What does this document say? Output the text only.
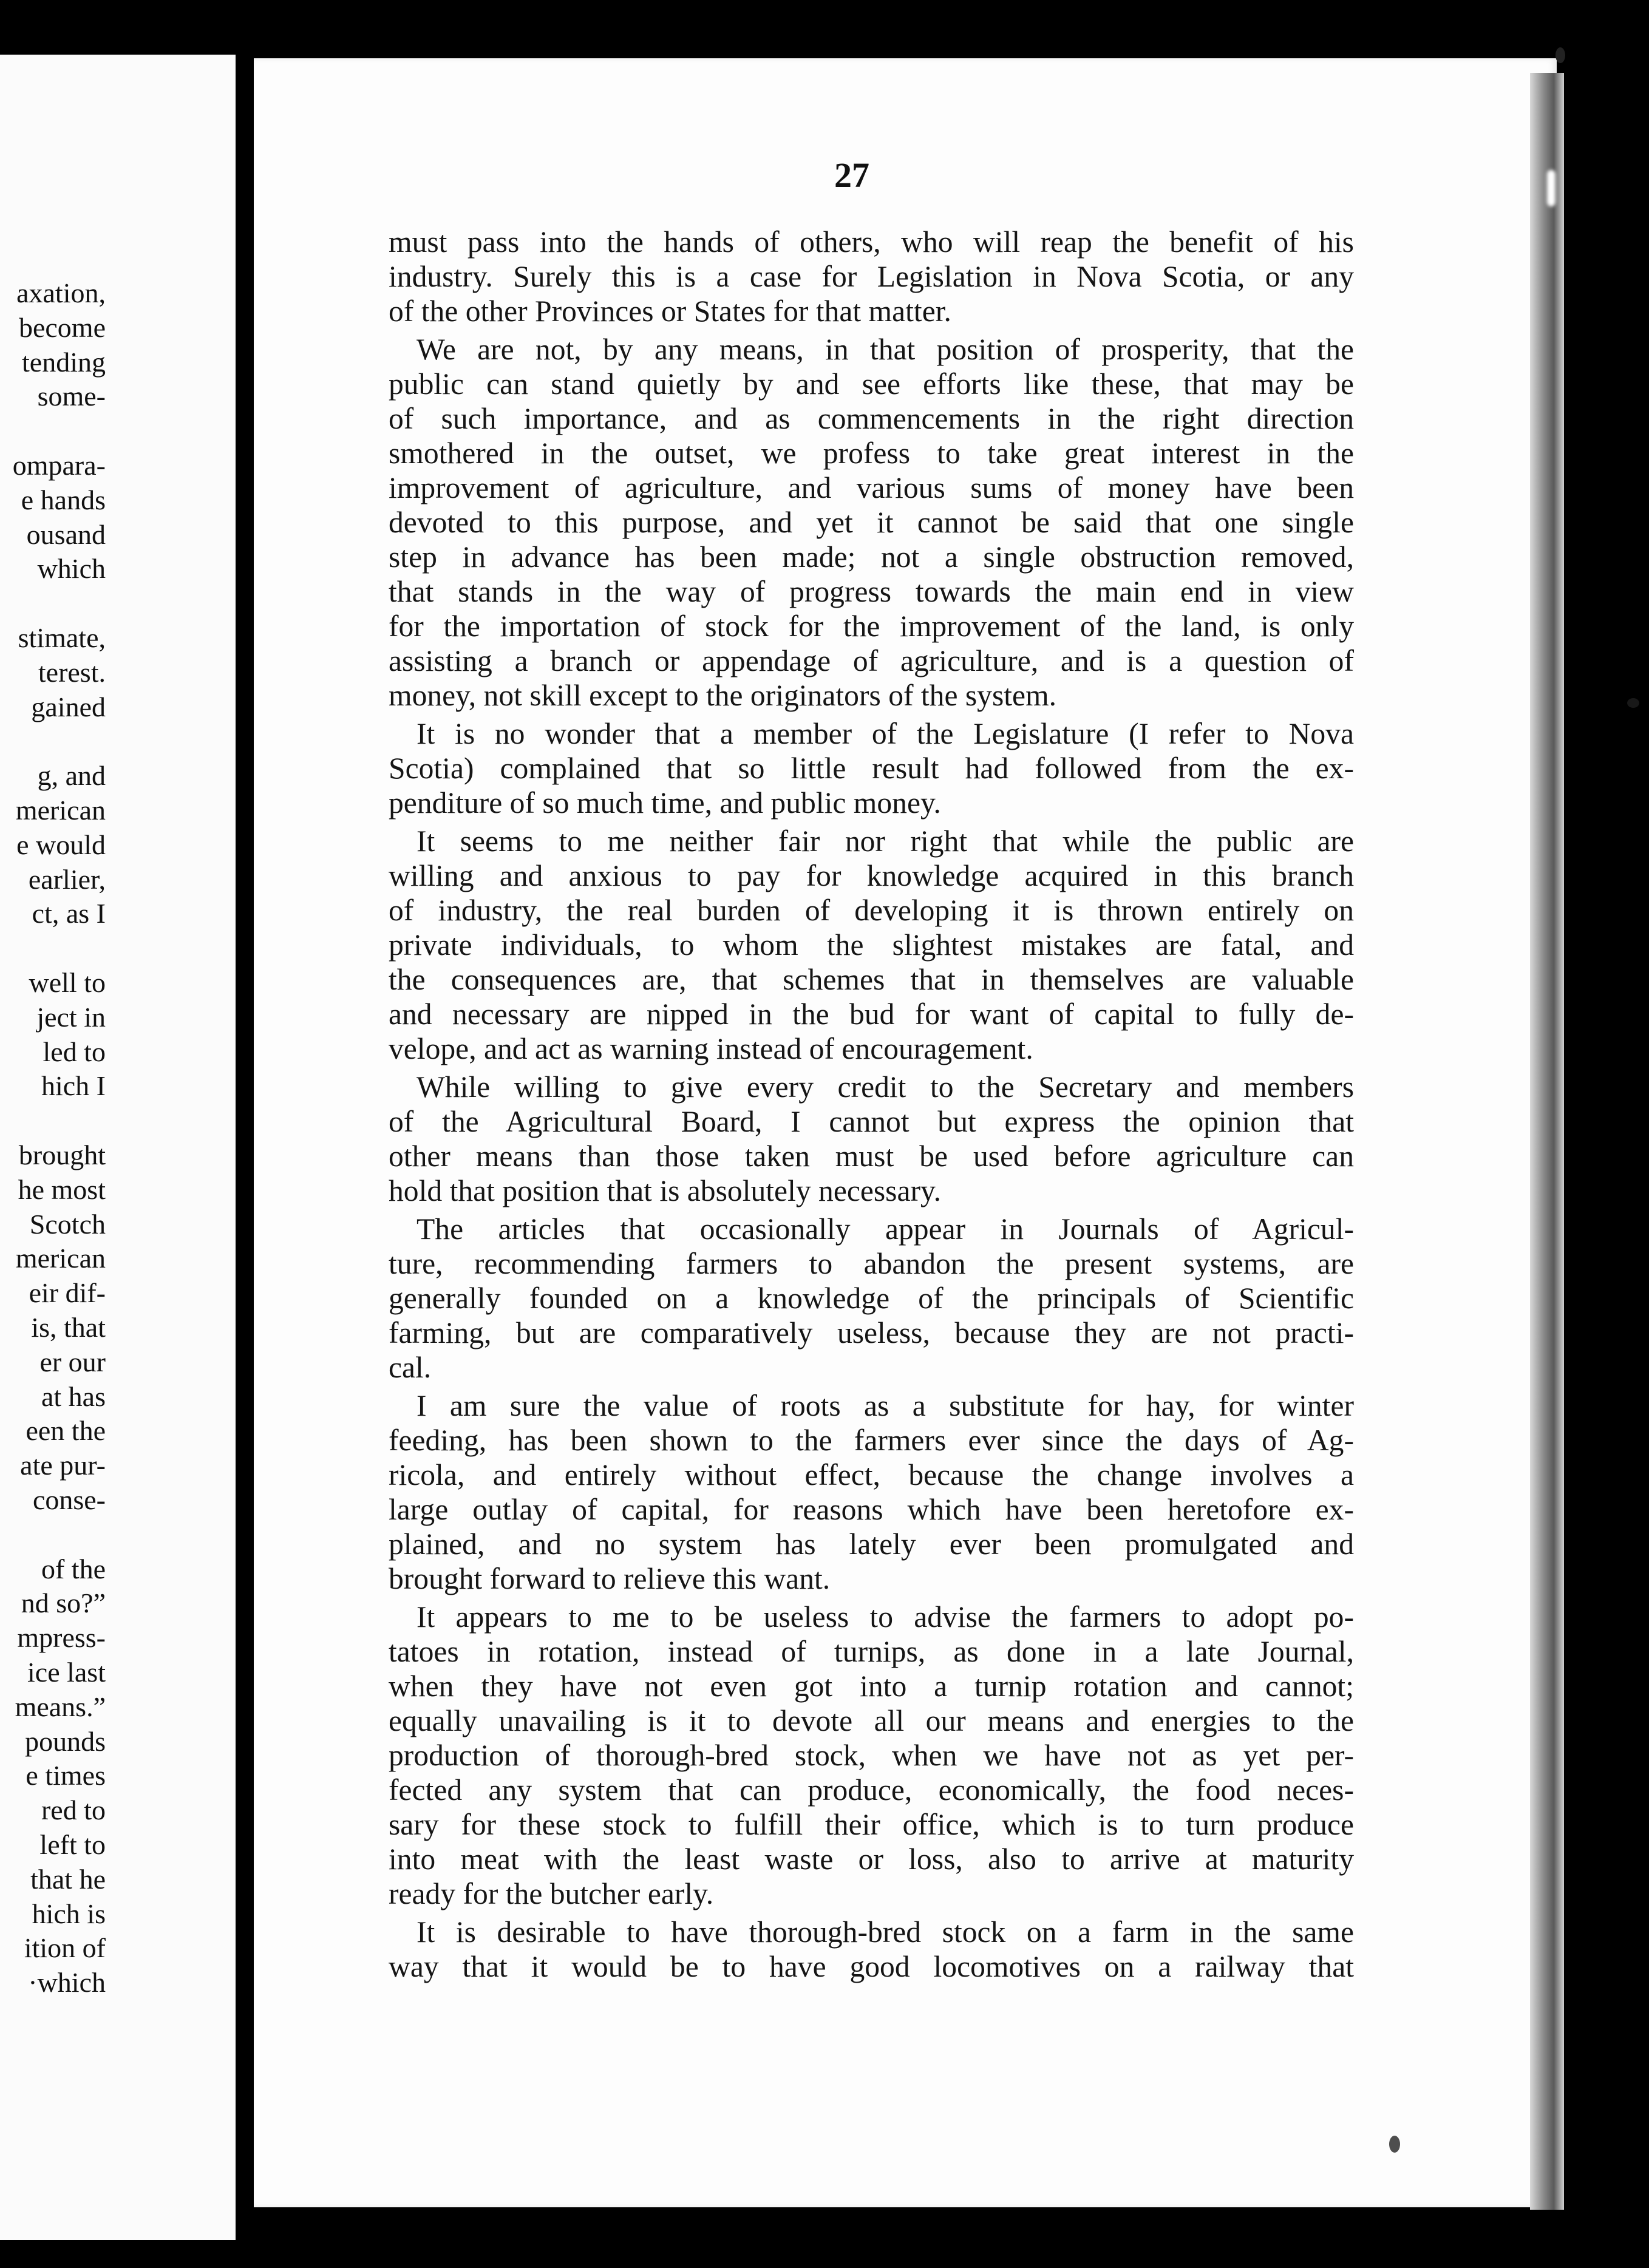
axation,
become
tending
some-
ompara-
e hands
ousand
which
stimate,
terest.
gained
g, and
merican
e would
earlier,
ct, as I
well to
ject in
led to
hich I
brought
he most
Scotch
merican
eir dif-
is, that
er our
at has
een the
ate pur-
conse-
of the
nd so?”
mpress-
ice last
means.”
pounds
e times
red to
left to
that he
hich is
ition of
·which
27
must pass into the hands of others, who will reap the benefit of his
industry. Surely this is a case for Legislation in Nova Scotia, or any
of the other Provinces or States for that matter.
We are not, by any means, in that position of prosperity, that the
public can stand quietly by and see efforts like these, that may be
of such importance, and as commencements in the right direction
smothered in the outset, we profess to take great interest in the
improvement of agriculture, and various sums of money have been
devoted to this purpose, and yet it cannot be said that one single
step in advance has been made; not a single obstruction removed,
that stands in the way of progress towards the main end in view
for the importation of stock for the improvement of the land, is only
assisting a branch or appendage of agriculture, and is a question of
money, not skill except to the originators of the system.
It is no wonder that a member of the Legislature (I refer to Nova
Scotia) complained that so little result had followed from the ex-
penditure of so much time, and public money.
It seems to me neither fair nor right that while the public are
willing and anxious to pay for knowledge acquired in this branch
of industry, the real burden of developing it is thrown entirely on
private individuals, to whom the slightest mistakes are fatal, and
the consequences are, that schemes that in themselves are valuable
and necessary are nipped in the bud for want of capital to fully de-
velope, and act as warning instead of encouragement.
While willing to give every credit to the Secretary and members
of the Agricultural Board, I cannot but express the opinion that
other means than those taken must be used before agriculture can
hold that position that is absolutely necessary.
The articles that occasionally appear in Journals of Agricul-
ture, recommending farmers to abandon the present systems, are
generally founded on a knowledge of the principals of Scientific
farming, but are comparatively useless, because they are not practi-
cal.
I am sure the value of roots as a substitute for hay, for winter
feeding, has been shown to the farmers ever since the days of Ag-
ricola, and entirely without effect, because the change involves a
large outlay of capital, for reasons which have been heretofore ex-
plained, and no system has lately ever been promulgated and
brought forward to relieve this want.
It appears to me to be useless to advise the farmers to adopt po-
tatoes in rotation, instead of turnips, as done in a late Journal,
when they have not even got into a turnip rotation and cannot;
equally unavailing is it to devote all our means and energies to the
production of thorough-bred stock, when we have not as yet per-
fected any system that can produce, economically, the food neces-
sary for these stock to fulfill their office, which is to turn produce
into meat with the least waste or loss, also to arrive at maturity
ready for the butcher early.
It is desirable to have thorough-bred stock on a farm in the same
way that it would be to have good locomotives on a railway that
